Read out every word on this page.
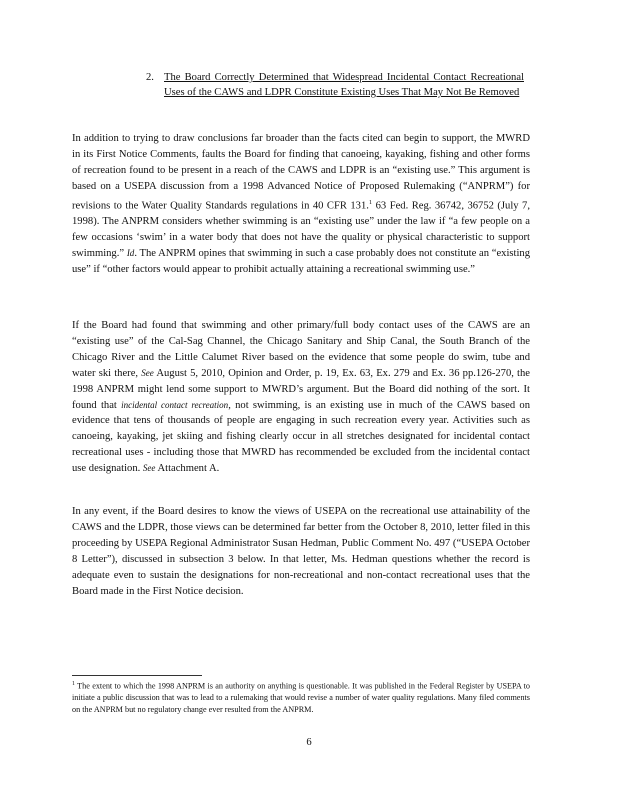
2. The Board Correctly Determined that Widespread Incidental Contact Recreational Uses of the CAWS and LDPR Constitute Existing Uses That May Not Be Removed

In addition to trying to draw conclusions far broader than the facts cited can begin to support, the MWRD in its First Notice Comments, faults the Board for finding that canoeing, kayaking, fishing and other forms of recreation found to be present in a reach of the CAWS and LDPR is an “existing use.” This argument is based on a USEPA discussion from a 1998 Advanced Notice of Proposed Rulemaking (“ANPRM”) for revisions to the Water Quality Standards regulations in 40 CFR 131.$^1$ 63 Fed. Reg. 36742, 36752 (July 7, 1998). The ANPRM considers whether swimming is an “existing use” under the law if “a few people on a few occasions ‘swim’ in a water body that does not have the quality or physical characteristic to support swimming.” Id. The ANPRM opines that swimming in such a case probably does not constitute an “existing use” if “other factors would appear to prohibit actually attaining a recreational swimming use.”

If the Board had found that swimming and other primary/full body contact uses of the CAWS are an “existing use” of the Cal-Sag Channel, the Chicago Sanitary and Ship Canal, the South Branch of the Chicago River and the Little Calumet River based on the evidence that some people do swim, tube and water ski there, See August 5, 2010, Opinion and Order, p. 19, Ex. 63, Ex. 279 and Ex. 36 pp.126-270, the 1998 ANPRM might lend some support to MWRD’s argument. But the Board did nothing of the sort. It found that incidental contact recreation, not swimming, is an existing use in much of the CAWS based on evidence that tens of thousands of people are engaging in such recreation every year. Activities such as canoeing, kayaking, jet skiing and fishing clearly occur in all stretches designated for incidental contact recreational uses - including those that MWRD has recommended be excluded from the incidental contact use designation. See Attachment A.

In any event, if the Board desires to know the views of USEPA on the recreational use attainability of the CAWS and the LDPR, those views can be determined far better from the October 8, 2010, letter filed in this proceeding by USEPA Regional Administrator Susan Hedman, Public Comment No. 497 (“USEPA October 8 Letter”), discussed in subsection 3 below. In that letter, Ms. Hedman questions whether the record is adequate even to sustain the designations for non-recreational and non-contact recreational uses that the Board made in the First Notice decision.

$^1$ The extent to which the 1998 ANPRM is an authority on anything is questionable. It was published in the Federal Register by USEPA to initiate a public discussion that was to lead to a rulemaking that would revise a number of water quality regulations. Many filed comments on the ANPRM but no regulatory change ever resulted from the ANPRM.

6
